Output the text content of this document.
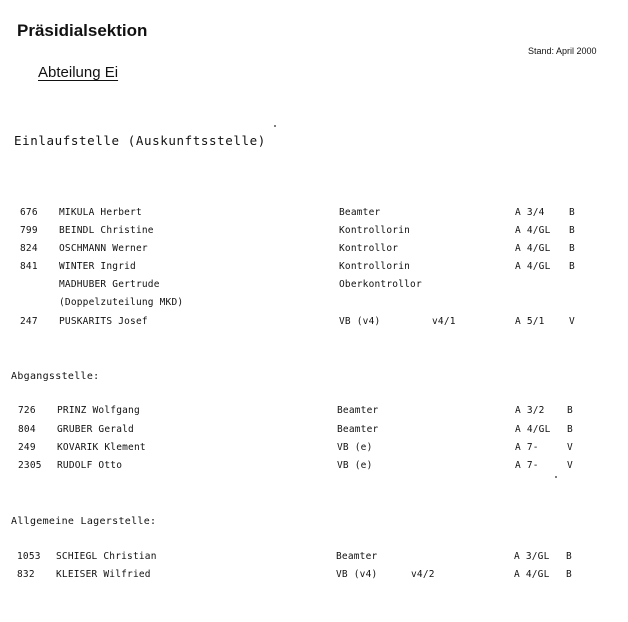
Präsidialsektion
Stand: April 2000
Abteilung Ei
Einlaufstelle (Auskunftsstelle)
Abgangsstelle:
Allgemeine Lagerstelle:
676 MIKULA Herbert	Beamter	A 3/4	B
799 BEINDL Christine	Kontrollorin	A 4/GL B
824 OSCHMANN Werner	Kontrollor	A 4/GL B
841 WINTER Ingrid	Kontrollorin	A 4/GL B
MADHUBER Gertrude	Oberkontrollor
(Doppelzuteilung MKD)
247 PUSKARITS Josef	VB (v4)	v4/1	A 5/1	V
726 PRINZ Wolfgang	Beamter	A 3/2 B
804 GRUBER Gerald	Beamter	A 4/GL B
249 KOVARIK Klement	VB (e)	A 7-	V
2305 RUDOLF Otto	VB (e)	A 7-	V
1053 SCHIEGL Christian	Beamter	A 3/GL B
832 KLEISER Wilfried	VB (v4)	v4/2	A 4/GL B
